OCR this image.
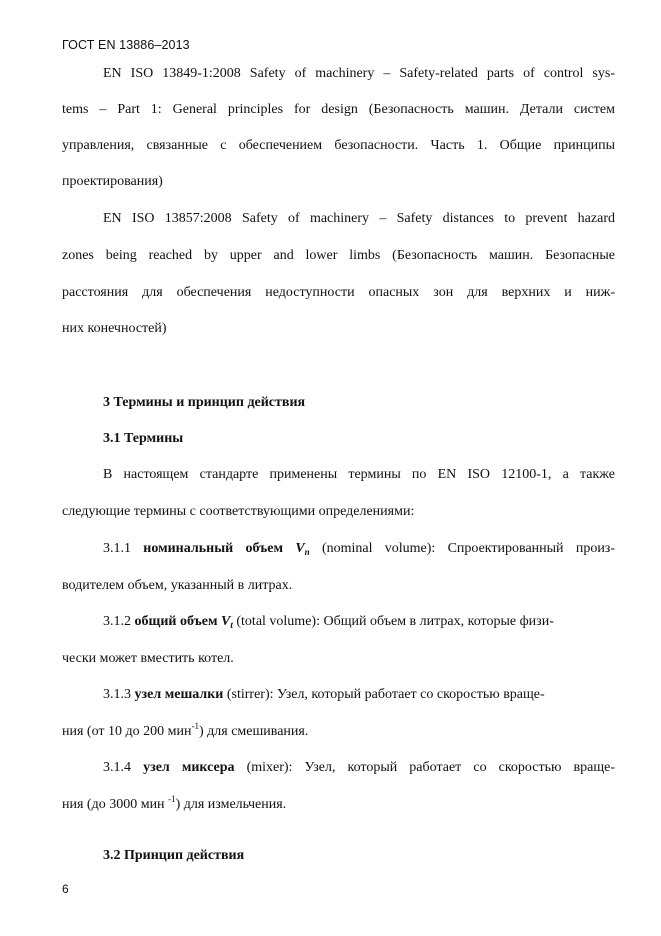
ГОСТ EN 13886–2013
EN ISO 13849-1:2008 Safety of machinery – Safety-related parts of control sys-
tems – Part 1: General principles for design (Безопасность машин. Детали систем
управления, связанные с обеспечением безопасности. Часть 1. Общие принципы
проектирования)
EN ISO 13857:2008 Safety of machinery – Safety distances to prevent hazard
zones being reached by upper and lower limbs (Безопасность машин. Безопасные
расстояния для обеспечения недоступности опасных зон для верхних и ниж-
них конечностей)
3 Термины и принцип действия
3.1 Термины
В настоящем стандарте применены термины по EN ISO 12100-1, а также
следующие термины с соответствующими определениями:
3.1.1 номинальный объем $V_n$ (nominal volume): Спроектированный произ-
водителем объем, указанный в литрах.
3.1.2 общий объем $V_t$ (total volume): Общий объем в литрах, которые физи-
чески может вместить котел.
3.1.3 узел мешалки (stirrer): Узел, который работает со скоростью враще-
ния (от 10 до 200 мин$^{-1}$) для смешивания.
3.1.4 узел миксера (mixer): Узел, который работает со скоростью враще-
ния (до 3000 мин $^{-1}$) для измельчения.
3.2 Принцип действия
6
